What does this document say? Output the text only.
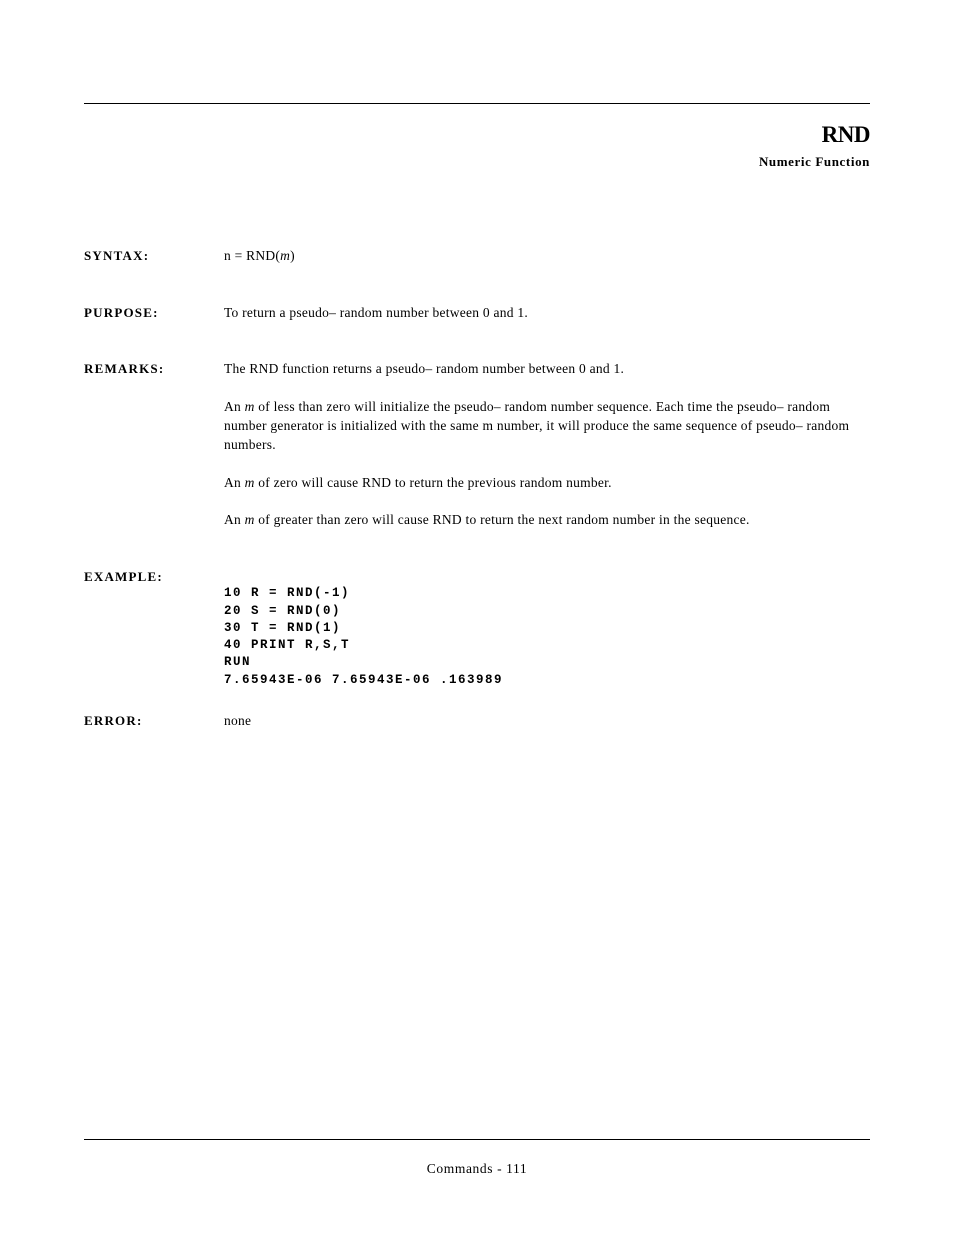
RND
Numeric Function
SYNTAX:	n = RND(m)
PURPOSE:	To return a pseudo– random number between 0 and 1.
REMARKS:	The RND function returns a pseudo– random number between 0 and 1.

An m of less than zero will initialize the pseudo– random number sequence. Each time the pseudo– random number generator is initialized with the same m number, it will produce the same sequence of pseudo– random numbers.

An m of zero will cause RND to return the previous random number.

An m of greater than zero will cause RND to return the next random number in the sequence.

EXAMPLE:

10 R = RND(-1)
20 S = RND(0)
30 T = RND(1)
40 PRINT R,S,T
RUN
7.65943E-06 7.65943E-06 .163989

ERROR:	none
Commands - 111
